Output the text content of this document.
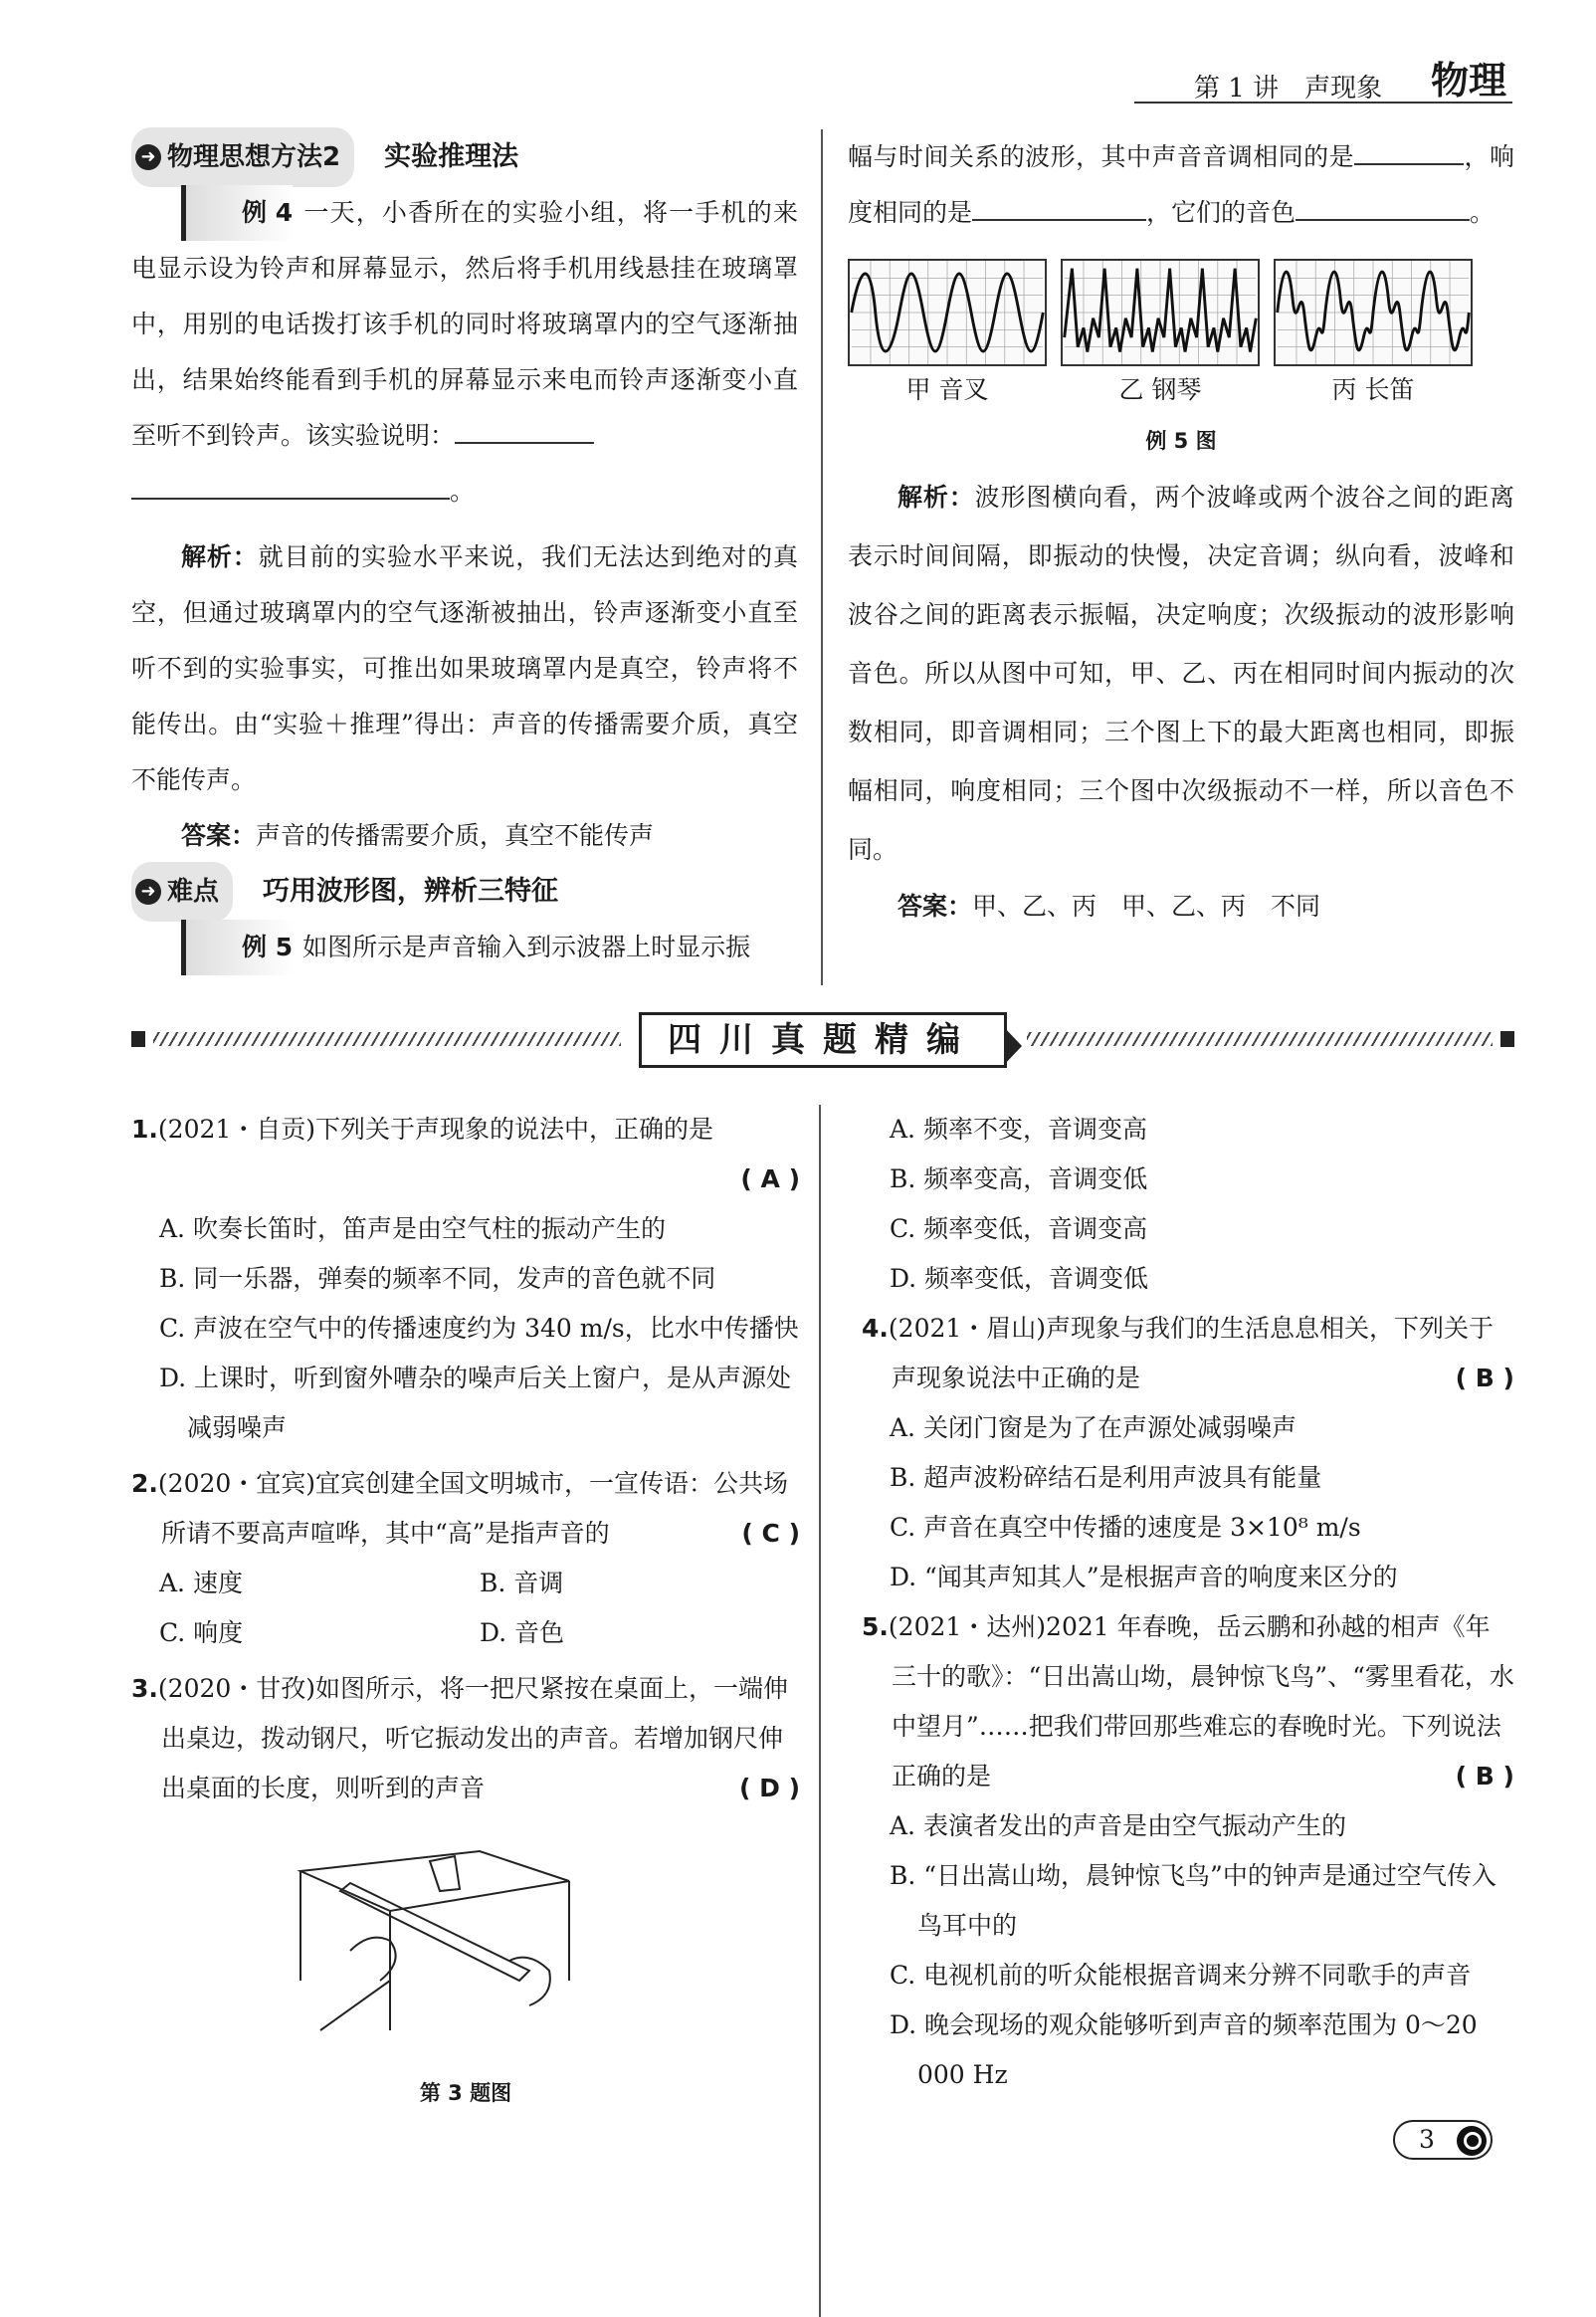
第 1 讲　声现象 物理
➜ 物理思想方法2 实验推理法

例 4 一天，小香所在的实验小组，将一手机的来电显示设为铃声和屏幕显示，然后将手机用线悬挂在玻璃罩中，用别的电话拨打该手机的同时将玻璃罩内的空气逐渐抽出，结果始终能看到手机的屏幕显示来电而铃声逐渐变小直至听不到铃声。该实验说明：

。

解析：就目前的实验水平来说，我们无法达到绝对的真空，但通过玻璃罩内的空气逐渐被抽出，铃声逐渐变小直至听不到的实验事实，可推出如果玻璃罩内是真空，铃声将不能传出。由“实验＋推理”得出：声音的传播需要介质，真空不能传声。

答案：声音的传播需要介质，真空不能传声

➜ 难点 巧用波形图，辨析三特征

例 5 如图所示是声音输入到示波器上时显示振

幅与时间关系的波形，其中声音音调相同的是	，响度相同的是	，它们的音色	。

甲 音叉	乙 钢琴	丙 长笛
例 5 图

解析：波形图横向看，两个波峰或两个波谷之间的距离表示时间间隔，即振动的快慢，决定音调；纵向看，波峰和波谷之间的距离表示振幅，决定响度；次级振动的波形影响音色。所以从图中可知，甲、乙、丙在相同时间内振动的次数相同，即音调相同；三个图上下的最大距离也相同，即振幅相同，响度相同；三个图中次级振动不一样，所以音色不同。

答案：甲、乙、丙　甲、乙、丙　不同

四川真题精编
1.(2021・自贡)下列关于声现象的说法中，正确的是
( A )
A. 吹奏长笛时，笛声是由空气柱的振动产生的
B. 同一乐器，弹奏的频率不同，发声的音色就不同
C. 声波在空气中的传播速度约为 340 m/s，比水中传播快
D. 上课时，听到窗外嘈杂的噪声后关上窗户，是从声源处减弱噪声
2.(2020・宜宾)宜宾创建全国文明城市，一宣传语：公共场所请不要高声喧哗，其中“高”是指声音的	( C )
A. 速度	B. 音调
C. 响度	D. 音色
3.(2020・甘孜)如图所示，将一把尺紧按在桌面上，一端伸出桌边，拨动钢尺，听它振动发出的声音。若增加钢尺伸出桌面的长度，则听到的声音	( D )
第 3 题图
A. 频率不变，音调变高
B. 频率变高，音调变低
C. 频率变低，音调变高
D. 频率变低，音调变低
4.(2021・眉山)声现象与我们的生活息息相关，下列关于声现象说法中正确的是	( B )
A. 关闭门窗是为了在声源处减弱噪声
B. 超声波粉碎结石是利用声波具有能量
C. 声音在真空中传播的速度是 3×10⁸ m/s
D. “闻其声知其人”是根据声音的响度来区分的
5.(2021・达州)2021 年春晚，岳云鹏和孙越的相声《年三十的歌》：“日出嵩山坳，晨钟惊飞鸟”、“雾里看花，水中望月”……把我们带回那些难忘的春晚时光。下列说法正确的是	( B )
A. 表演者发出的声音是由空气振动产生的
B. “日出嵩山坳，晨钟惊飞鸟”中的钟声是通过空气传入鸟耳中的
C. 电视机前的听众能根据音调来分辨不同歌手的声音
D. 晚会现场的观众能够听到声音的频率范围为 0～20 000 Hz
3
